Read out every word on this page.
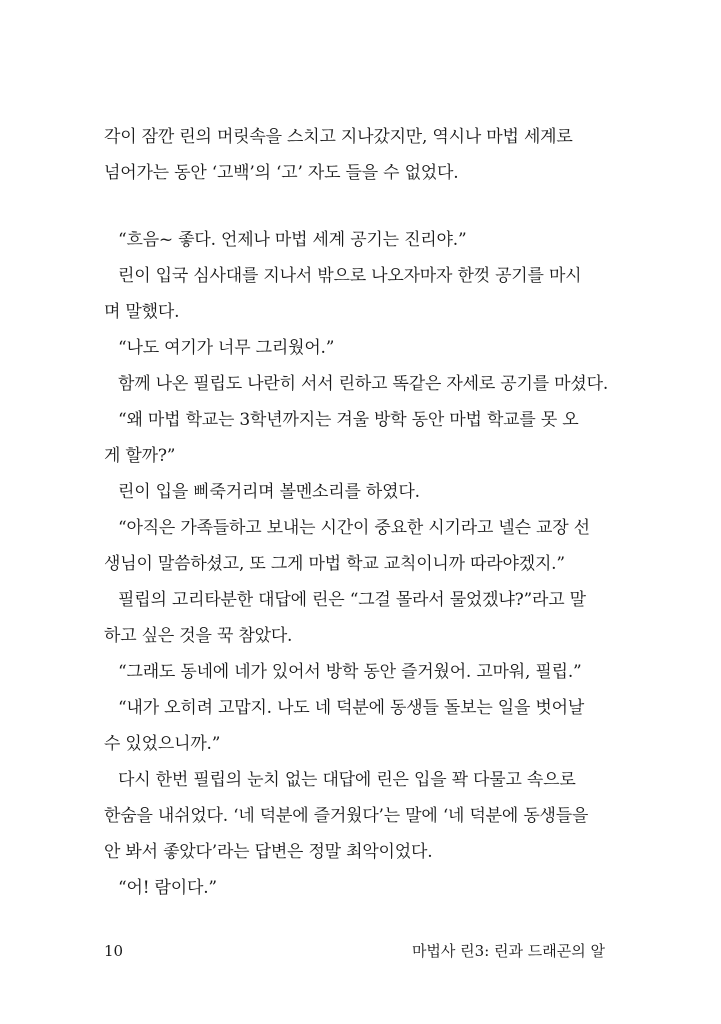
각이 잠깐 린의 머릿속을 스치고 지나갔지만, 역시나 마법 세계로
넘어가는 동안 ‘고백’의 ‘고’ 자도 들을 수 없었다.
“흐음~ 좋다. 언제나 마법 세계 공기는 진리야.”
린이 입국 심사대를 지나서 밖으로 나오자마자 한껏 공기를 마시
며 말했다.
“나도 여기가 너무 그리웠어.”
함께 나온 필립도 나란히 서서 린하고 똑같은 자세로 공기를 마셨다.
“왜 마법 학교는 3학년까지는 겨울 방학 동안 마법 학교를 못 오
게 할까?”
린이 입을 삐죽거리며 볼멘소리를 하였다.
“아직은 가족들하고 보내는 시간이 중요한 시기라고 넬슨 교장 선
생님이 말씀하셨고, 또 그게 마법 학교 교칙이니까 따라야겠지.”
필립의 고리타분한 대답에 린은 “그걸 몰라서 물었겠냐?”라고 말
하고 싶은 것을 꾹 참았다.
“그래도 동네에 네가 있어서 방학 동안 즐거웠어. 고마워, 필립.”
“내가 오히려 고맙지. 나도 네 덕분에 동생들 돌보는 일을 벗어날
수 있었으니까.”
다시 한번 필립의 눈치 없는 대답에 린은 입을 꽉 다물고 속으로
한숨을 내쉬었다. ‘네 덕분에 즐거웠다’는 말에 ‘네 덕분에 동생들을
안 봐서 좋았다’라는 답변은 정말 최악이었다.
“어! 람이다.”
10	마법사 린3: 린과 드래곤의 알
